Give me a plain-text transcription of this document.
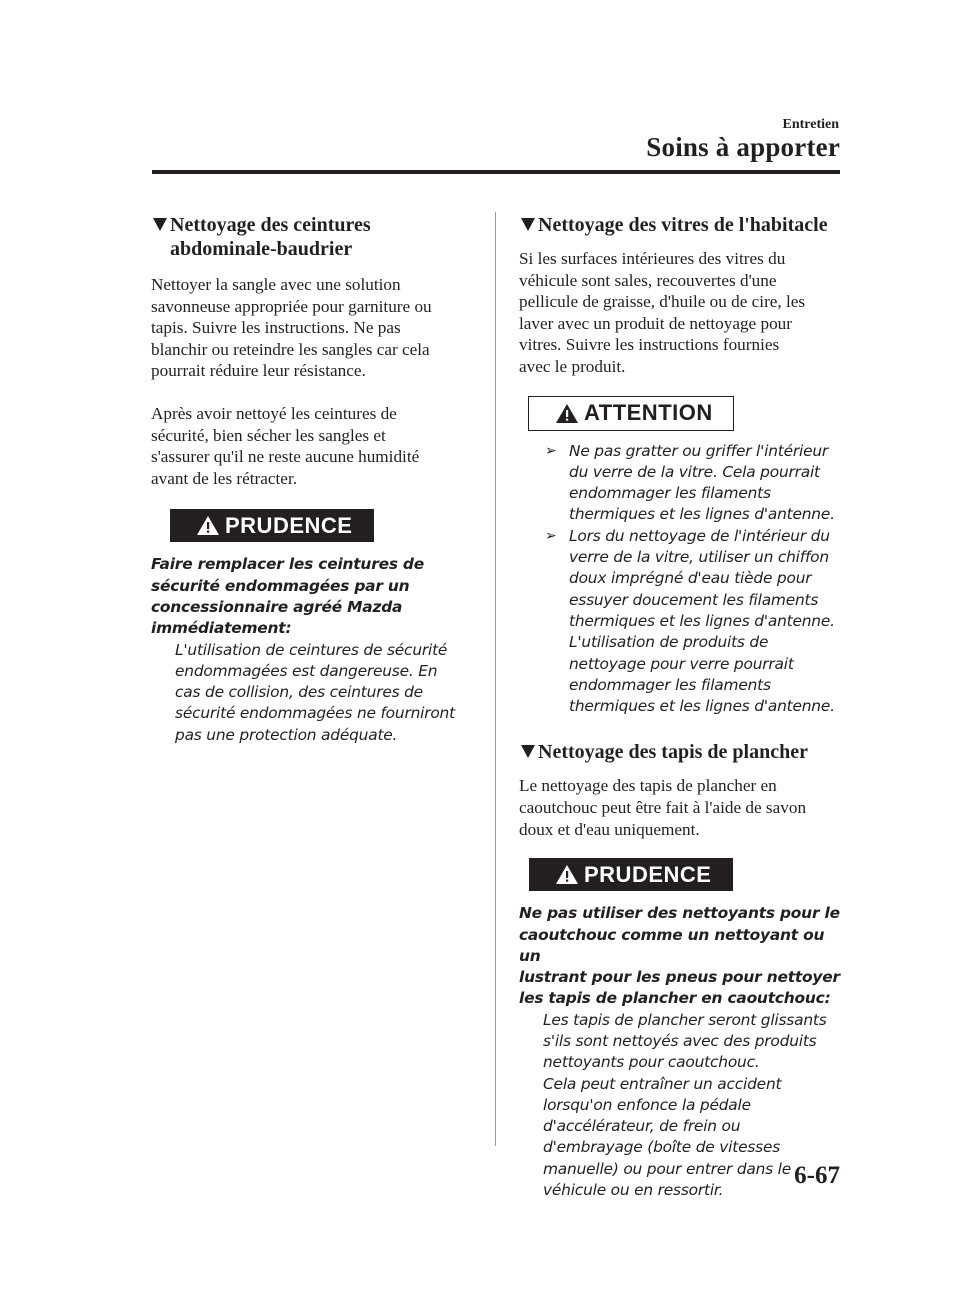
Entretien
Soins à apporter
Nettoyage des ceintures
abdominale-baudrier
Nettoyer la sangle avec une solution
savonneuse appropriée pour garniture ou
tapis. Suivre les instructions. Ne pas
blanchir ou reteindre les sangles car cela
pourrait réduire leur résistance.
Après avoir nettoyé les ceintures de
sécurité, bien sécher les sangles et
s'assurer qu'il ne reste aucune humidité
avant de les rétracter.
PRUDENCE
Faire remplacer les ceintures de
sécurité endommagées par un
concessionnaire agréé Mazda
immédiatement:
L'utilisation de ceintures de sécurité
endommagées est dangereuse. En
cas de collision, des ceintures de
sécurité endommagées ne fourniront
pas une protection adéquate.
Nettoyage des vitres de l'habitacle
Si les surfaces intérieures des vitres du
véhicule sont sales, recouvertes d'une
pellicule de graisse, d'huile ou de cire, les
laver avec un produit de nettoyage pour
vitres. Suivre les instructions fournies
avec le produit.
ATTENTION
➢ Ne pas gratter ou griffer l'intérieur
du verre de la vitre. Cela pourrait
endommager les filaments
thermiques et les lignes d'antenne.
➢ Lors du nettoyage de l'intérieur du
verre de la vitre, utiliser un chiffon
doux imprégné d'eau tiède pour
essuyer doucement les filaments
thermiques et les lignes d'antenne.
L'utilisation de produits de
nettoyage pour verre pourrait
endommager les filaments
thermiques et les lignes d'antenne.
Nettoyage des tapis de plancher
Le nettoyage des tapis de plancher en
caoutchouc peut être fait à l'aide de savon
doux et d'eau uniquement.
PRUDENCE
Ne pas utiliser des nettoyants pour le
caoutchouc comme un nettoyant ou un
lustrant pour les pneus pour nettoyer
les tapis de plancher en caoutchouc:
Les tapis de plancher seront glissants
s'ils sont nettoyés avec des produits
nettoyants pour caoutchouc.
Cela peut entraîner un accident
lorsqu'on enfonce la pédale
d'accélérateur, de frein ou
d'embrayage (boîte de vitesses
manuelle) ou pour entrer dans le
véhicule ou en ressortir.
6-67
